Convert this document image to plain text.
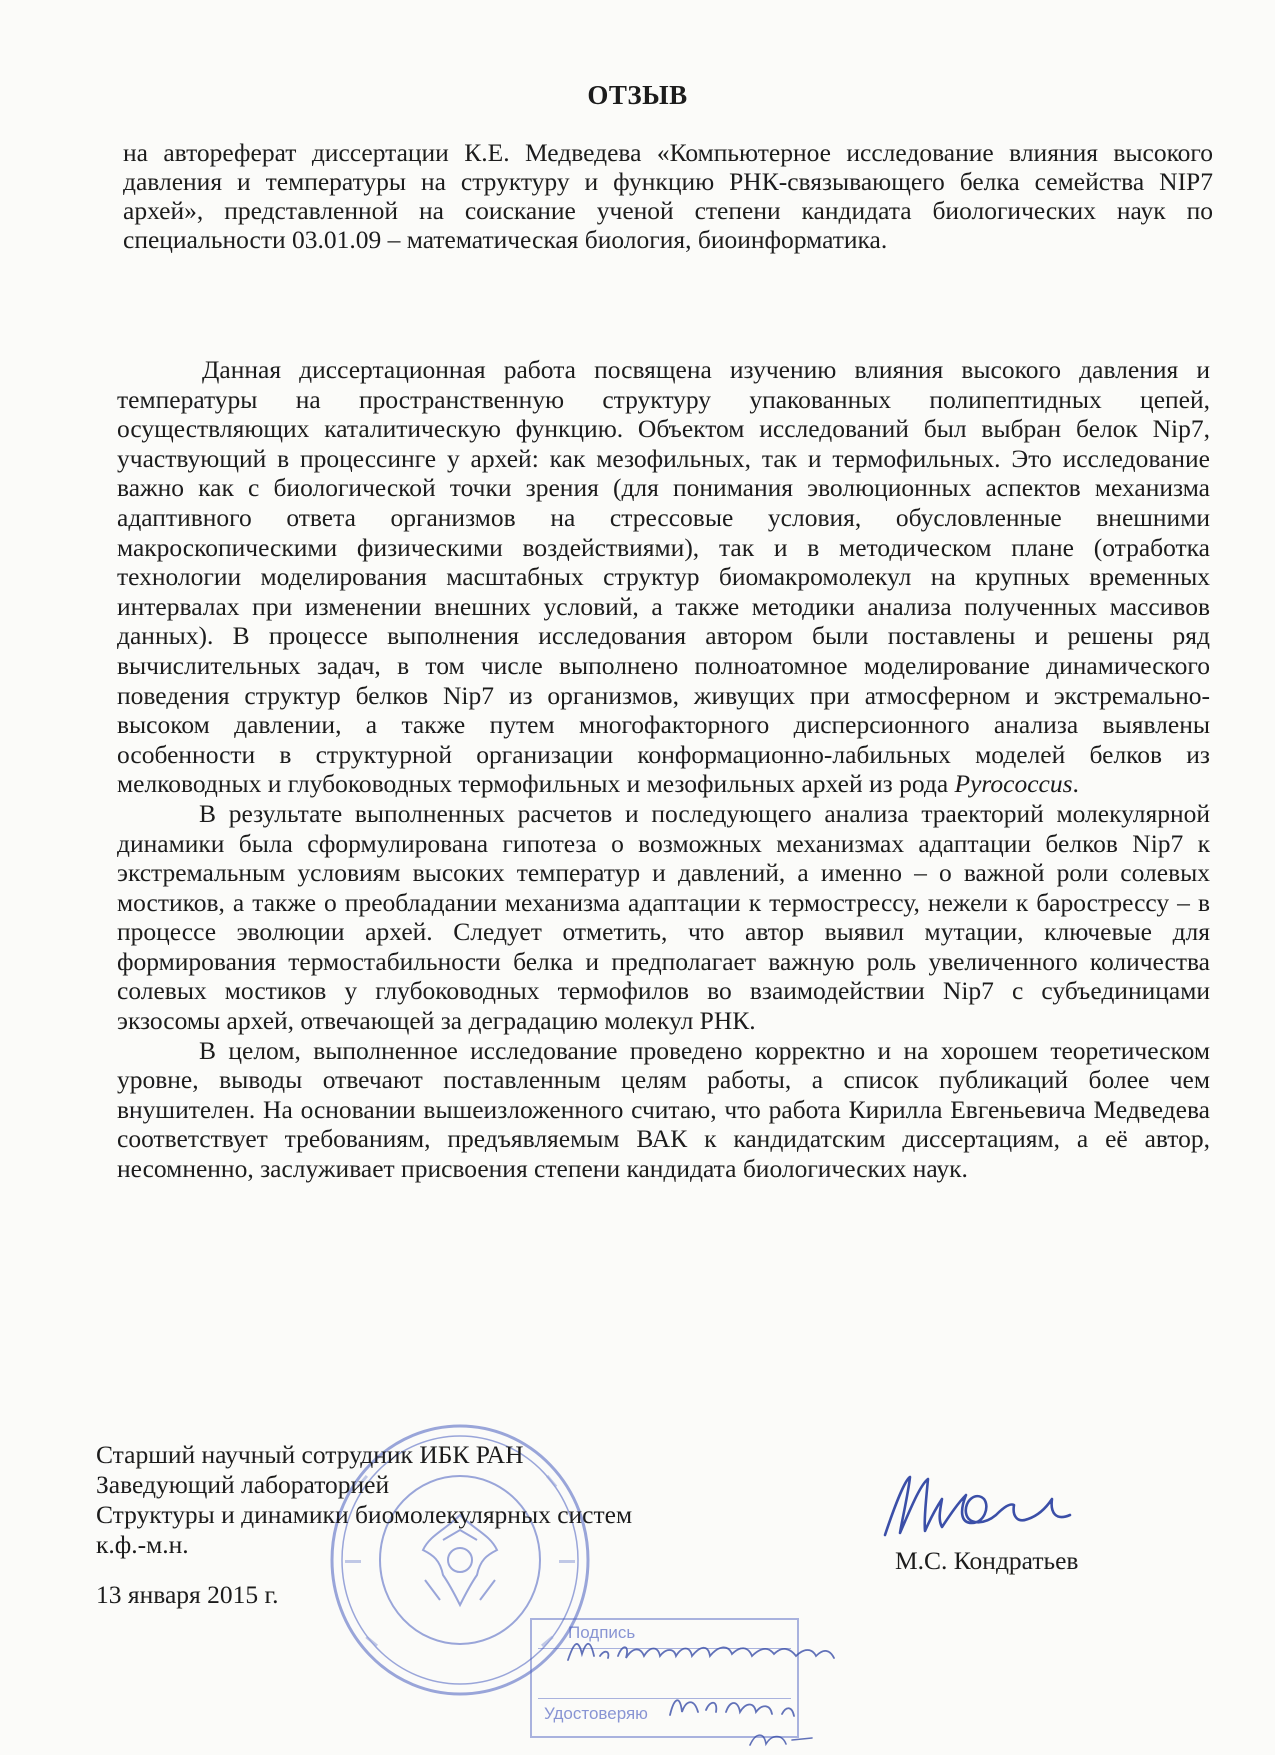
ОТЗЫВ

на автореферат диссертации К.Е. Медведева «Компьютерное исследование влияния высокого давления и температуры на структуру и функцию РНК-связывающего белка семейства NIP7 архей», представленной на соискание ученой степени кандидата биологических наук по специальности 03.01.09 – математическая биология, биоинформатика.

Данная диссертационная работа посвящена изучению влияния высокого давления и температуры на пространственную структуру упакованных полипептидных цепей, осуществляющих каталитическую функцию. Объектом исследований был выбран белок Nip7, участвующий в процессинге у архей: как мезофильных, так и термофильных. Это исследование важно как с биологической точки зрения (для понимания эволюционных аспектов механизма адаптивного ответа организмов на стрессовые условия, обусловленные внешними макроскопическими физическими воздействиями), так и в методическом плане (отработка технологии моделирования масштабных структур биомакромолекул на крупных временных интервалах при изменении внешних условий, а также методики анализа полученных массивов данных). В процессе выполнения исследования автором были поставлены и решены ряд вычислительных задач, в том числе выполнено полноатомное моделирование динамического поведения структур белков Nip7 из организмов, живущих при атмосферном и экстремально-высоком давлении, а также путем многофакторного дисперсионного анализа выявлены особенности в структурной организации конформационно-лабильных моделей белков из мелководных и глубоководных термофильных и мезофильных архей из рода Pyrococcus.

В результате выполненных расчетов и последующего анализа траекторий молекулярной динамики была сформулирована гипотеза о возможных механизмах адаптации белков Nip7 к экстремальным условиям высоких температур и давлений, а именно – о важной роли солевых мостиков, а также о преобладании механизма адаптации к термострессу, нежели к барострессу – в процессе эволюции архей. Следует отметить, что автор выявил мутации, ключевые для формирования термостабильности белка и предполагает важную роль увеличенного количества солевых мостиков у глубоководных термофилов во взаимодействии Nip7 с субъединицами экзосомы архей, отвечающей за деградацию молекул РНК.

В целом, выполненное исследование проведено корректно и на хорошем теоретическом уровне, выводы отвечают поставленным целям работы, а список публикаций более чем внушителен. На основании вышеизложенного считаю, что работа Кирилла Евгеньевича Медведева соответствует требованиям, предъявляемым ВАК к кандидатским диссертациям, а её автор, несомненно, заслуживает присвоения степени кандидата биологических наук.

Старший научный сотрудник ИБК РАН
Заведующий лабораторией
Структуры и динамики биомолекулярных систем
к.ф.-м.н.
М.С. Кондратьев
13 января 2015 г.
Подпись
Удостоверяю
